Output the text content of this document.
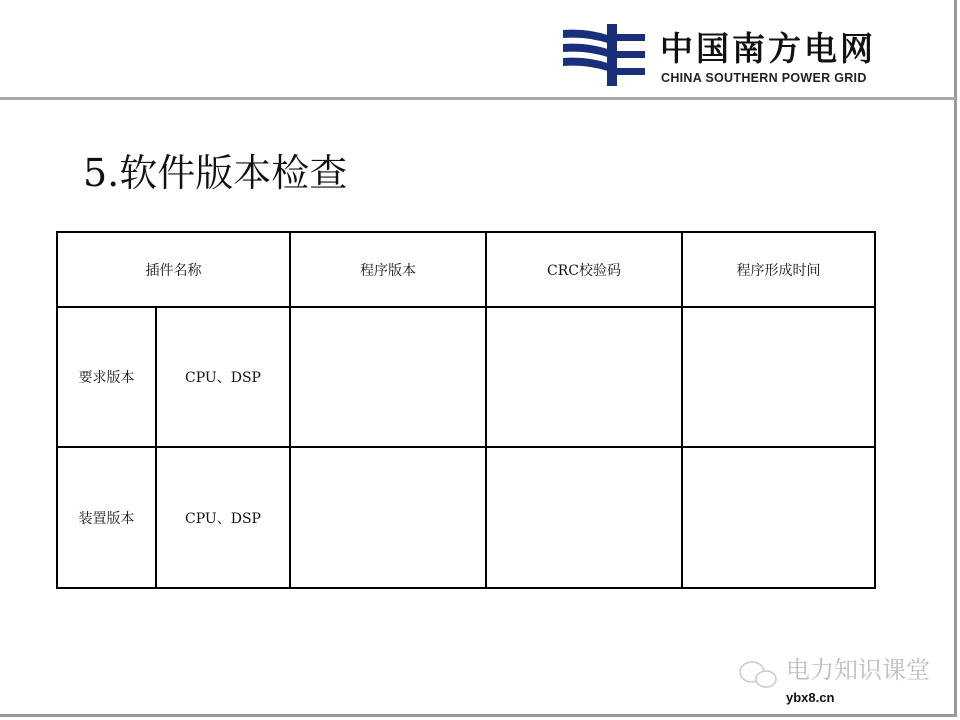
中国南方电网
CHINA SOUTHERN POWER GRID
5.软件版本检查
插件名称		程序版本	CRC校验码	程序形成时间
要求版本	CPU、DSP			
装置版本	CPU、DSP			
电力知识课堂
ybx8.cn
